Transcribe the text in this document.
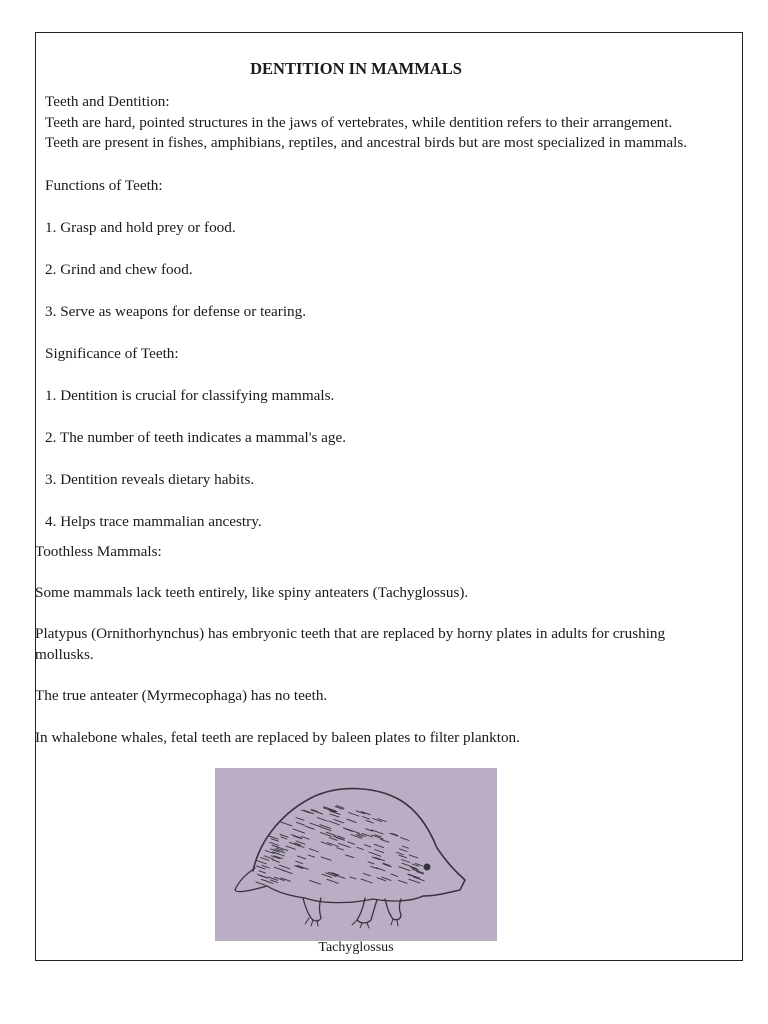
DENTITION IN MAMMALS
Teeth and Dentition:
Teeth are hard, pointed structures in the jaws of vertebrates, while dentition refers to their arrangement.
Teeth are present in fishes, amphibians, reptiles, and ancestral birds but are most specialized in mammals.
Functions of Teeth:
1. Grasp and hold prey or food.
2. Grind and chew food.
3. Serve as weapons for defense or tearing.
Significance of Teeth:
1. Dentition is crucial for classifying mammals.
2. The number of teeth indicates a mammal's age.
3. Dentition reveals dietary habits.
4. Helps trace mammalian ancestry.
Toothless Mammals:
Some mammals lack teeth entirely, like spiny anteaters (Tachyglossus).
Platypus (Ornithorhynchus) has embryonic teeth that are replaced by horny plates in adults for crushing
mollusks.
The true anteater (Myrmecophaga) has no teeth.
In whalebone whales, fetal teeth are replaced by baleen plates to filter plankton.
Tachyglossus
